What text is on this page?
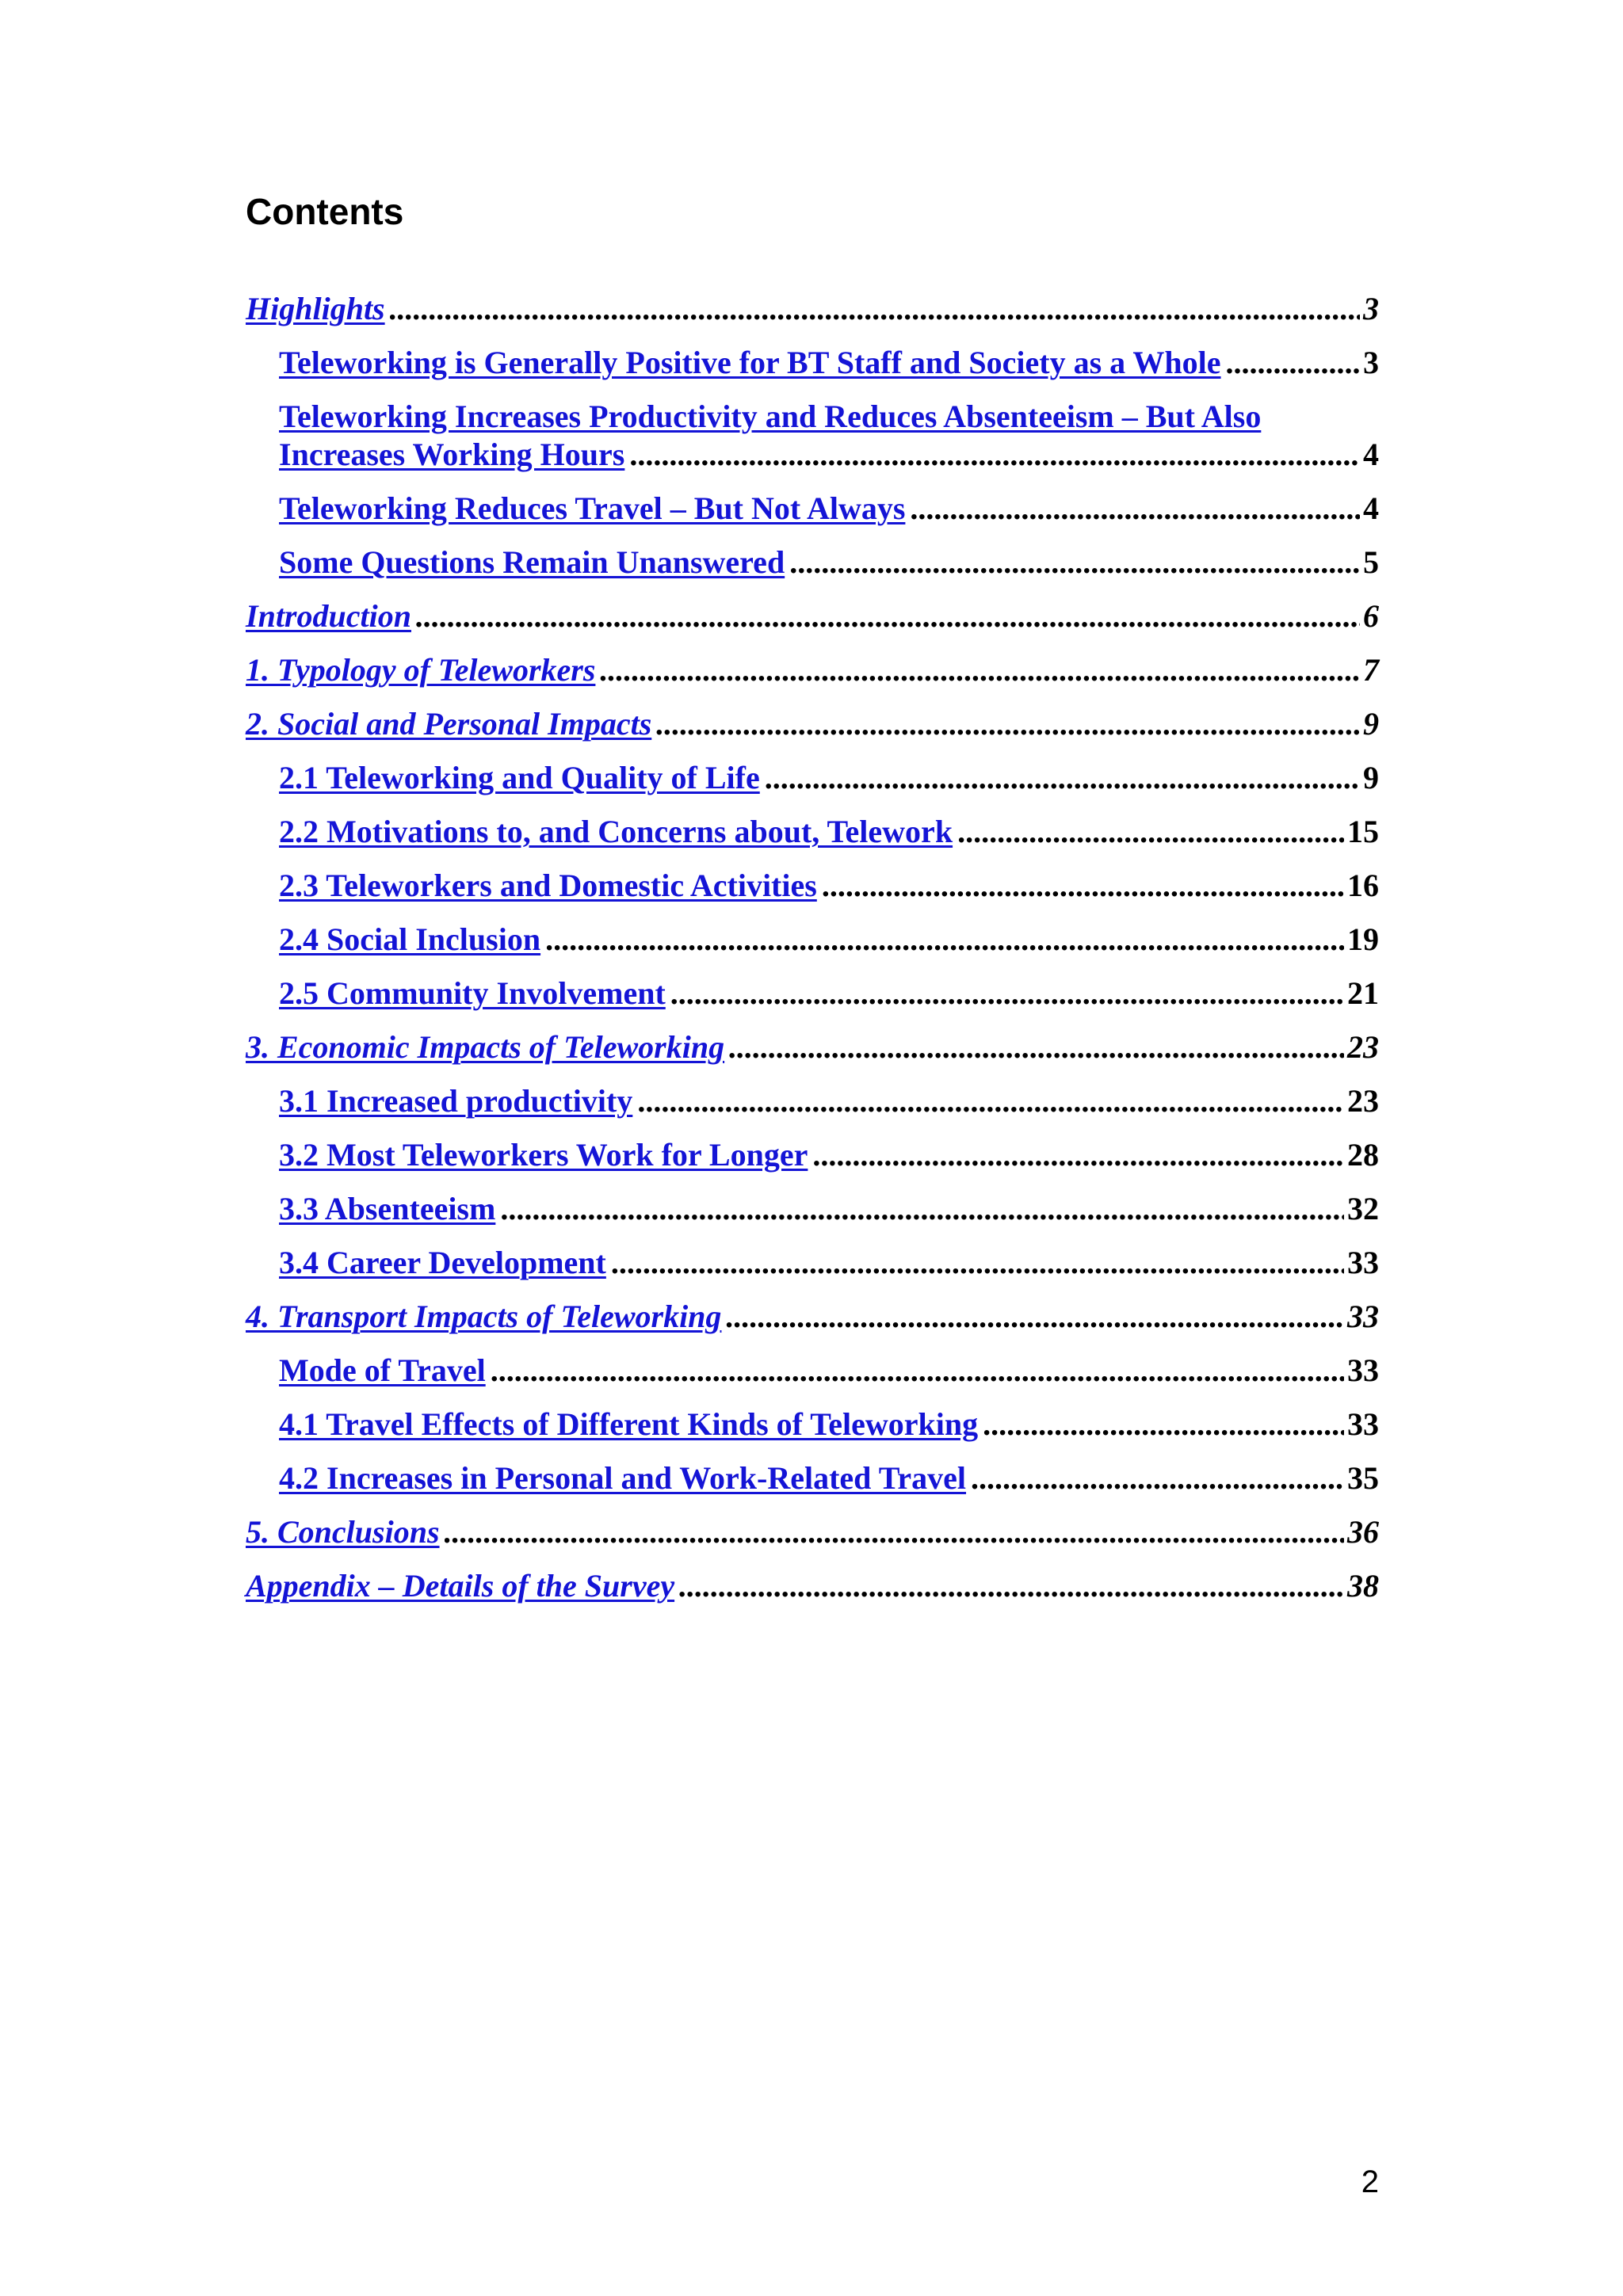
Contents
Highlights .....	3
Teleworking is Generally Positive for BT Staff and Society as a Whole .....	3
Teleworking Increases Productivity and Reduces Absenteeism – But Also
Increases Working Hours .....	4
Teleworking Reduces Travel – But Not Always .....	4
Some Questions Remain Unanswered .....	5
Introduction .....	6
1. Typology of Teleworkers .....	7
2. Social and Personal Impacts .....	9
2.1 Teleworking and Quality of Life .....	9
2.2 Motivations to, and Concerns about, Telework .....	15
2.3 Teleworkers and Domestic Activities .....	16
2.4 Social Inclusion .....	19
2.5 Community Involvement .....	21
3. Economic Impacts of Teleworking .....	23
3.1 Increased productivity .....	23
3.2 Most Teleworkers Work for Longer .....	28
3.3 Absenteeism .....	32
3.4 Career Development .....	33
4. Transport Impacts of Teleworking .....	33
Mode of Travel .....	33
4.1 Travel Effects of Different Kinds of Teleworking .....	33
4.2 Increases in Personal and Work-Related Travel .....	35
5. Conclusions .....	36
Appendix – Details of the Survey .....	38
2
